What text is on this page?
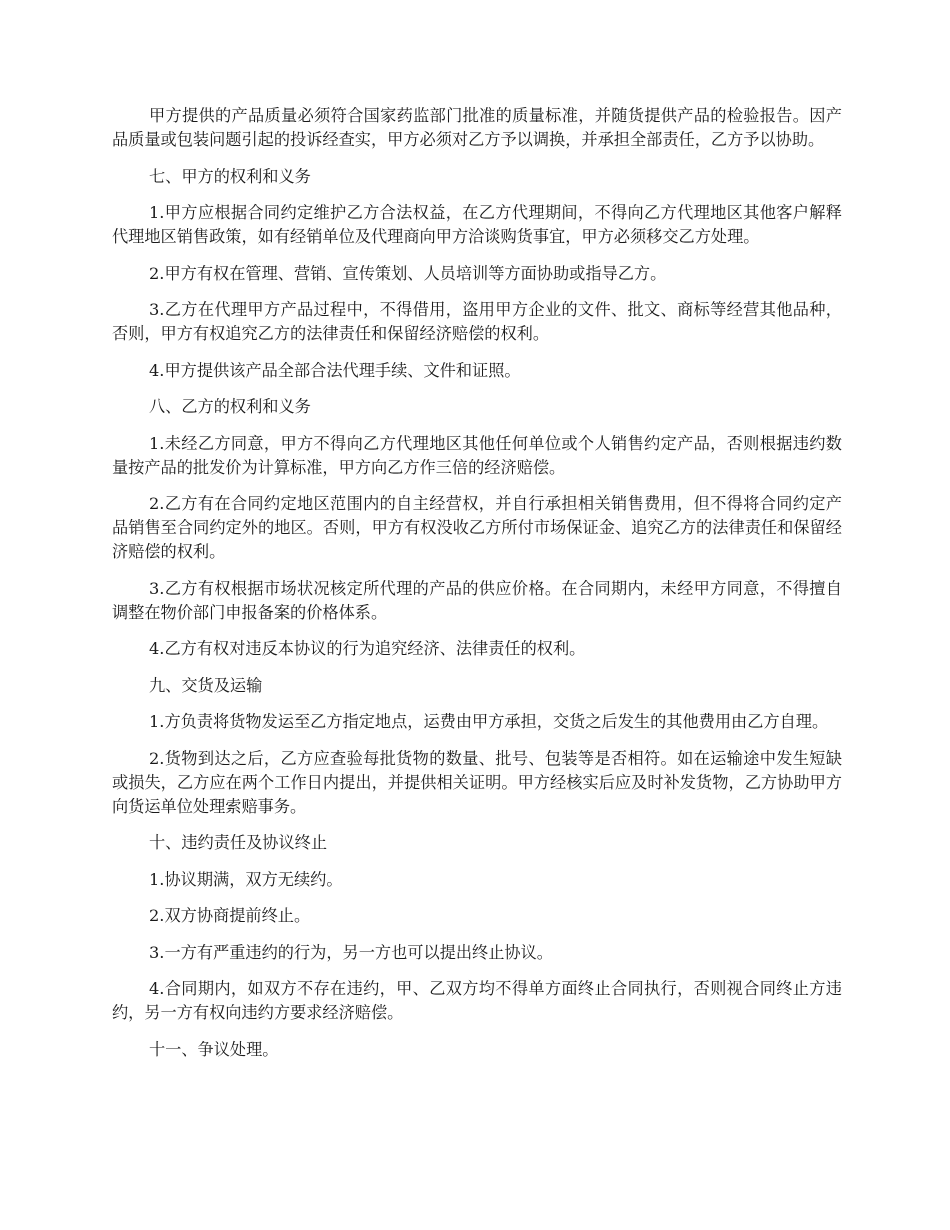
甲方提供的产品质量必须符合国家药监部门批准的质量标准，并随货提供产品的检验报告。因产品质量或包装问题引起的投诉经查实，甲方必须对乙方予以调换，并承担全部责任，乙方予以协助。

七、甲方的权利和义务

1.甲方应根据合同约定维护乙方合法权益，在乙方代理期间，不得向乙方代理地区其他客户解释代理地区销售政策，如有经销单位及代理商向甲方洽谈购货事宜，甲方必须移交乙方处理。

2.甲方有权在管理、营销、宣传策划、人员培训等方面协助或指导乙方。

3.乙方在代理甲方产品过程中，不得借用，盗用甲方企业的文件、批文、商标等经营其他品种，否则，甲方有权追究乙方的法律责任和保留经济赔偿的权利。

4.甲方提供该产品全部合法代理手续、文件和证照。

八、乙方的权利和义务

1.未经乙方同意，甲方不得向乙方代理地区其他任何单位或个人销售约定产品，否则根据违约数量按产品的批发价为计算标准，甲方向乙方作三倍的经济赔偿。

2.乙方有在合同约定地区范围内的自主经营权，并自行承担相关销售费用，但不得将合同约定产品销售至合同约定外的地区。否则，甲方有权没收乙方所付市场保证金、追究乙方的法律责任和保留经济赔偿的权利。

3.乙方有权根据市场状况核定所代理的产品的供应价格。在合同期内，未经甲方同意，不得擅自调整在物价部门申报备案的价格体系。

4.乙方有权对违反本协议的行为追究经济、法律责任的权利。

九、交货及运输

1.方负责将货物发运至乙方指定地点，运费由甲方承担，交货之后发生的其他费用由乙方自理。

2.货物到达之后，乙方应查验每批货物的数量、批号、包装等是否相符。如在运输途中发生短缺或损失，乙方应在两个工作日内提出，并提供相关证明。甲方经核实后应及时补发货物，乙方协助甲方向货运单位处理索赔事务。

十、违约责任及协议终止

1.协议期满，双方无续约。

2.双方协商提前终止。

3.一方有严重违约的行为，另一方也可以提出终止协议。

4.合同期内，如双方不存在违约，甲、乙双方均不得单方面终止合同执行，否则视合同终止方违约，另一方有权向违约方要求经济赔偿。

十一、争议处理。
